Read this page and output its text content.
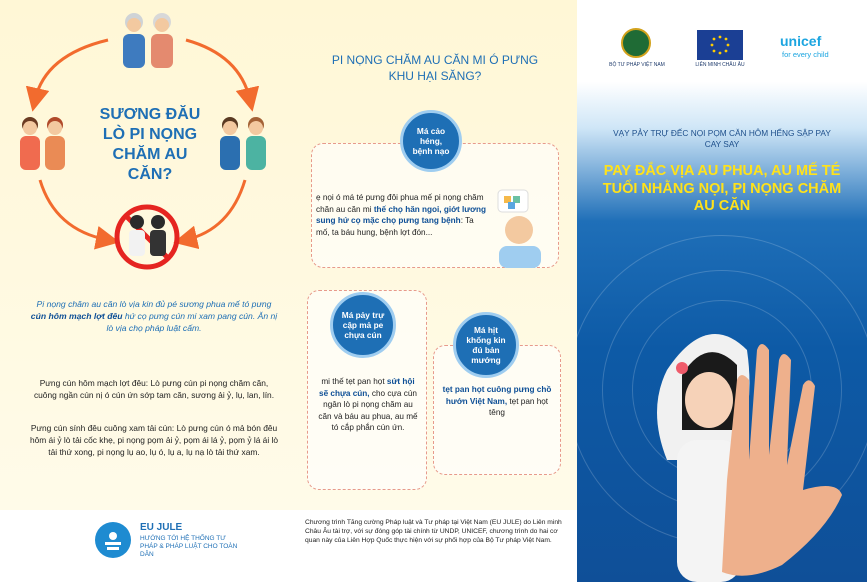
SƯƠNG ĐĂU LÒ PI NỌNG CHĂM AU CĂN?
Pi nọng chăm au căn lò vịa kin đủ pé sương phua mế tó pưng cún hôm mạch lợt đêu hứ cọ pưng cún mi xam pang cún. Ăn nị lò vịa chọ pháp luật cấm.
Pưng cún hôm mạch lợt đêu: Lò pưng cún pi nọng chăm căn, cuông ngần cún nị ó cún ứn sớp tam căn, sương ải ỷ, lụ, lan, lín.
Pưng cún sính đêu cuông xam tải cún: Lò pưng cún ó mả bón đêu hôm ái ỷ lò tải cốc khẹ, pi nọng pọm ải ỷ, pọm ái lá ỷ, pọm ỷ lá ái lò tải thứ xong, pi nọng lụ ao, lụ ó, lụ a, lụ nạ lò tải thứ xam.
EU JULE
HƯỚNG TỚI HỆ THỐNG TƯ PHÁP & PHÁP LUẬT CHO TOÀN DÂN
PI NỌNG CHĂM AU CĂN MI Ó PƯNG KHU HẠI SĂNG?
Má cảo héng, bệnh nạo
ẹ nọi ó má té pưng đôi phua mế pi nọng chăm chăn au căn mi thế chọ hăn ngoi, giớt lương sung hứ cọ mặc chọ pưng tang bệnh: Ta mố, ta báu hung, bệnh lợt đón...
Má pảy trự cập mả pe chựa cún
mi thế tẹt pan họt sứt hội sẽ chựa cún, cho cựa cún ngân lò pi nọng chăm au căn và báu au phua, au mế tó cắp phắn cún ứn.
Má hịt khống kin đú bản mướng
tẹt pan họt cuông pưng chồ hướn Việt Nam, tẹt pan họt têng
Chương trình Tăng cường Pháp luật và Tư pháp tại Việt Nam (EU JULE) do Liên minh Châu Âu tài trợ, với sự đóng góp tài chính từ UNDP, UNICEF, chương trình do hai cơ quan này của Liên Hợp Quốc thực hiện với sự phối hợp của Bộ Tư pháp Việt Nam.
BỘ TƯ PHÁP VIỆT NAM	LIÊN MINH CHÂU ÂU
unicef
for every child
VẠY PẢY TRỰ ĐẾC NỌI PỌM CĂN HÔM HẾNG SẬP PAY CAY SAY
PAY ĐẮC VỊA AU PHUA, AU MẾ TÉ TUỔI NHẰNG NỌI, PI NỌNG CHĂM AU CĂN
